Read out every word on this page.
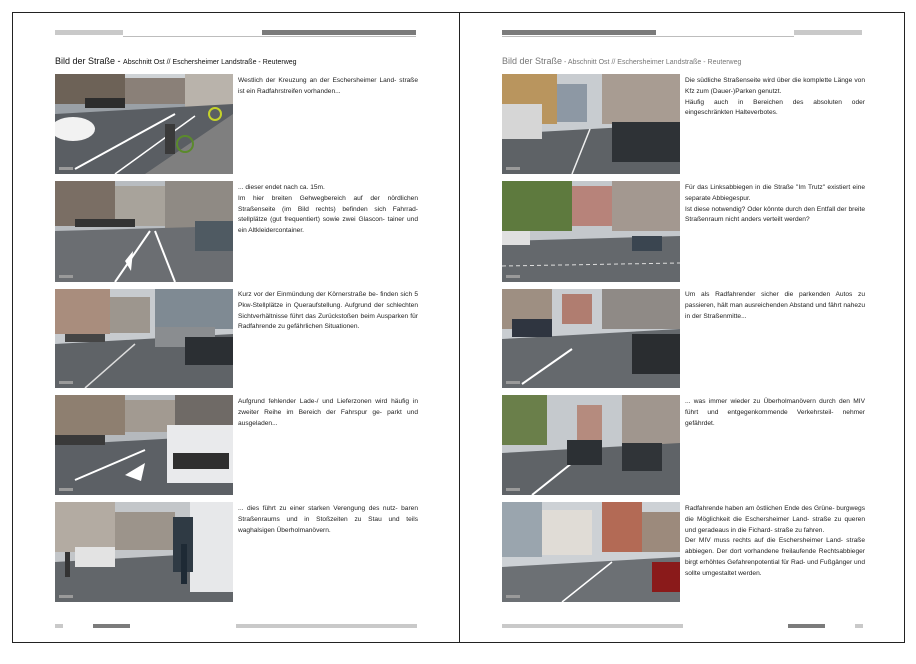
Bild der Straße - Abschnitt Ost // Eschersheimer Landstraße - Reuterweg	Bild der Straße - Abschnitt Ost // Eschersheimer Landstraße - Reuterweg

Westlich der Kreuzung an der Eschersheimer Land- straße ist ein Radfahrstreifen vorhanden...

... dieser endet nach ca. 15m.

Im hier breiten Gehwegbereich auf der nördlichen Straßenseite (im Bild rechts) befinden sich Fahrrad- stellplätze (gut frequentiert) sowie zwei Glascon- tainer und ein Altkleidercontainer.

Kurz vor der Einmündung der Körnerstraße be- finden sich 5 Pkw-Stellplätze in Queraufstellung. Aufgrund der schlechten Sichtverhältnisse führt das Zurückstoßen beim Ausparken für Radfahrende zu gefährlichen Situationen.

Aufgrund fehlender Lade-/ und Lieferzonen wird häufig in zweiter Reihe im Bereich der Fahrspur ge- parkt und ausgeladen...

... dies führt zu einer starken Verengung des nutz- baren Straßenraums und in Stoßzeiten zu Stau und teils waghalsigen Überholmanövern.

Die südliche Straßenseite wird über die komplette Länge von Kfz zum (Dauer-)Parken genutzt.

Häufig auch in Bereichen des absoluten oder eingeschränkten Halteverbotes.

Für das Linksabbiegen in die Straße "Im Trutz" existiert eine separate Abbiegespur.

Ist diese notwendig? Oder könnte durch den Entfall der breite Straßenraum nicht anders verteilt werden?

Um als Radfahrender sicher die parkenden Autos zu passieren, hält man ausreichenden Abstand und fährt nahezu in der Straßenmitte...

... was immer wieder zu Überholmanövern durch den MIV führt und entgegenkommende Verkehrsteil- nehmer gefährdet.

Radfahrende haben am östlichen Ende des Grüne- burgwegs die Möglichkeit die Eschersheimer Land- straße zu queren und geradeaus in die Fichard- straße zu fahren.

Der MIV muss rechts auf die Eschersheimer Land- straße abbiegen. Der dort vorhandene freilaufende Rechtsabbieger birgt erhöhtes Gefahrenpotential für Rad- und Fußgänger und sollte umgestaltet werden.
